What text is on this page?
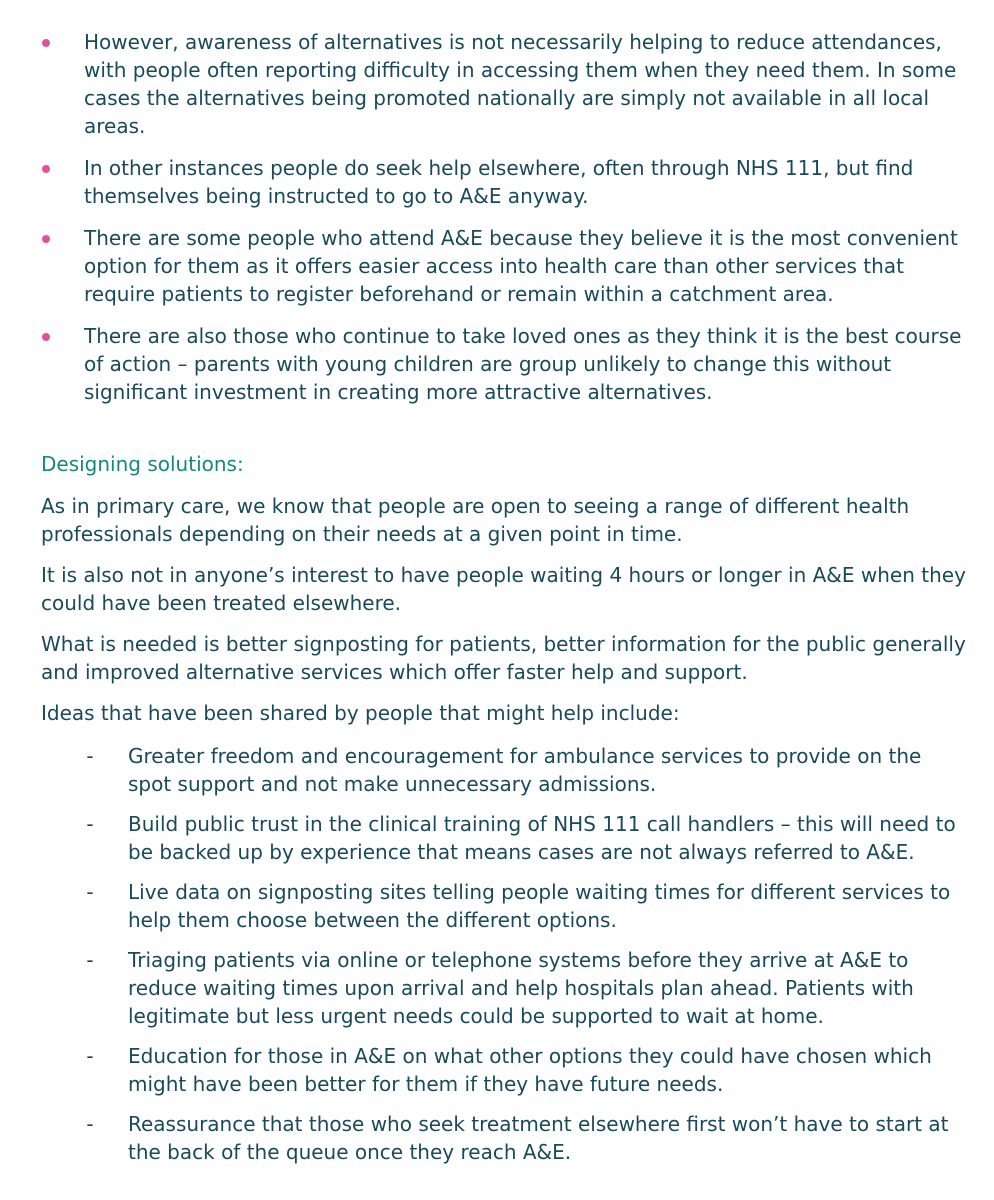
However, awareness of alternatives is not necessarily helping to reduce attendances, with people often reporting difficulty in accessing them when they need them. In some cases the alternatives being promoted nationally are simply not available in all local areas.
In other instances people do seek help elsewhere, often through NHS 111, but find themselves being instructed to go to A&E anyway.
There are some people who attend A&E because they believe it is the most convenient option for them as it offers easier access into health care than other services that require patients to register beforehand or remain within a catchment area.
There are also those who continue to take loved ones as they think it is the best course of action – parents with young children are group unlikely to change this without significant investment in creating more attractive alternatives.
Designing solutions:

As in primary care, we know that people are open to seeing a range of different health professionals depending on their needs at a given point in time.

It is also not in anyone’s interest to have people waiting 4 hours or longer in A&E when they could have been treated elsewhere.

What is needed is better signposting for patients, better information for the public generally and improved alternative services which offer faster help and support.

Ideas that have been shared by people that might help include:

- Greater freedom and encouragement for ambulance services to provide on the spot support and not make unnecessary admissions.
- Build public trust in the clinical training of NHS 111 call handlers – this will need to be backed up by experience that means cases are not always referred to A&E.
- Live data on signposting sites telling people waiting times for different services to help them choose between the different options.
- Triaging patients via online or telephone systems before they arrive at A&E to reduce waiting times upon arrival and help hospitals plan ahead. Patients with legitimate but less urgent needs could be supported to wait at home.
- Education for those in A&E on what other options they could have chosen which might have been better for them if they have future needs.
- Reassurance that those who seek treatment elsewhere first won’t have to start at the back of the queue once they reach A&E.
